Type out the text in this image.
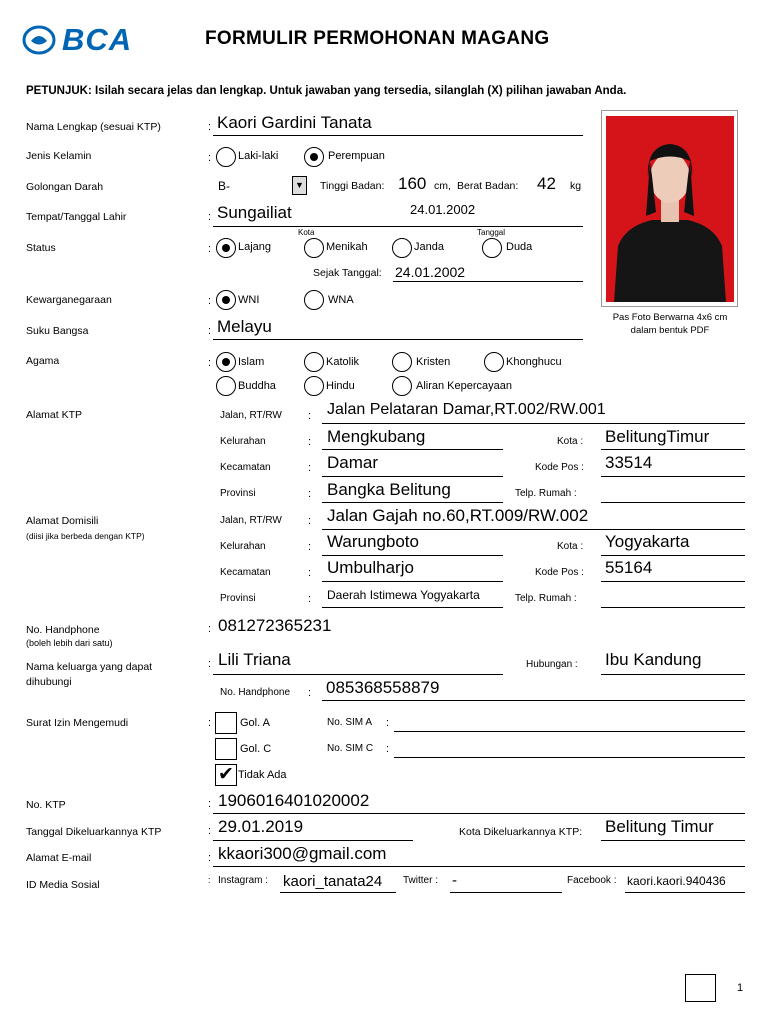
BCA	FORMULIR PERMOHONAN MAGANG
PETUNJUK: Isilah secara jelas dan lengkap. Untuk jawaban yang tersedia, silanglah (X) pilihan jawaban Anda.
Pas Foto Berwarna 4x6 cm
dalam bentuk PDF
Nama Lengkap (sesuai KTP)	: Kaori Gardini Tanata
Jenis Kelamin	: Laki-laki	Perempuan
Golongan Darah	B-	▼ Tinggi Badan: 160 cm, Berat Badan: 42 kg
Tempat/Tanggal Lahir	: Sungailiat	24.01.2002
Kota	Tanggal
Status	: Lajang	Menikah	Janda	Duda
Sejak Tanggal: 24.01.2002
Kewarganegaraan	: WNI	WNA
Suku Bangsa	: Melayu
Agama	: Islam	Katolik	Kristen	Khonghucu
Buddha	Hindu	Aliran Kepercayaan
Alamat KTP	Jalan, RT/RW : Jalan Pelataran Damar,RT.002/RW.001
Kelurahan	: Mengkubang	Kota : BelitungTimur
Kecamatan	: Damar	Kode Pos : 33514
Provinsi	: Bangka Belitung	Telp. Rumah :
Alamat Domisili
(diisi jika berbeda dengan KTP)
Jalan, RT/RW : Jalan Gajah no.60,RT.009/RW.002
Kelurahan	: Warungboto	Kota : Yogyakarta
Kecamatan	: Umbulharjo	Kode Pos : 55164
Provinsi	: Daerah Istimewa Yogyakarta	Telp. Rumah :
No. Handphone
(boleh lebih dari satu)
: 081272365231
Nama keluarga yang dapat
dihubungi
: Lili Triana	Hubungan : Ibu Kandung
No. Handphone : 085368558879
Surat Izin Mengemudi	:	Gol. A	No. SIM A :
Gol. C	No. SIM C :
✔ Tidak Ada
No. KTP	: 1906016401020002
Tanggal Dikeluarkannya KTP	: 29.01.2019	Kota Dikeluarkannya KTP: Belitung Timur
Alamat E-mail	: kkaori300@gmail.com
ID Media Sosial	: Instagram : kaori_tanata24 Twitter : -	Facebook : kaori.kaori.940436
1
